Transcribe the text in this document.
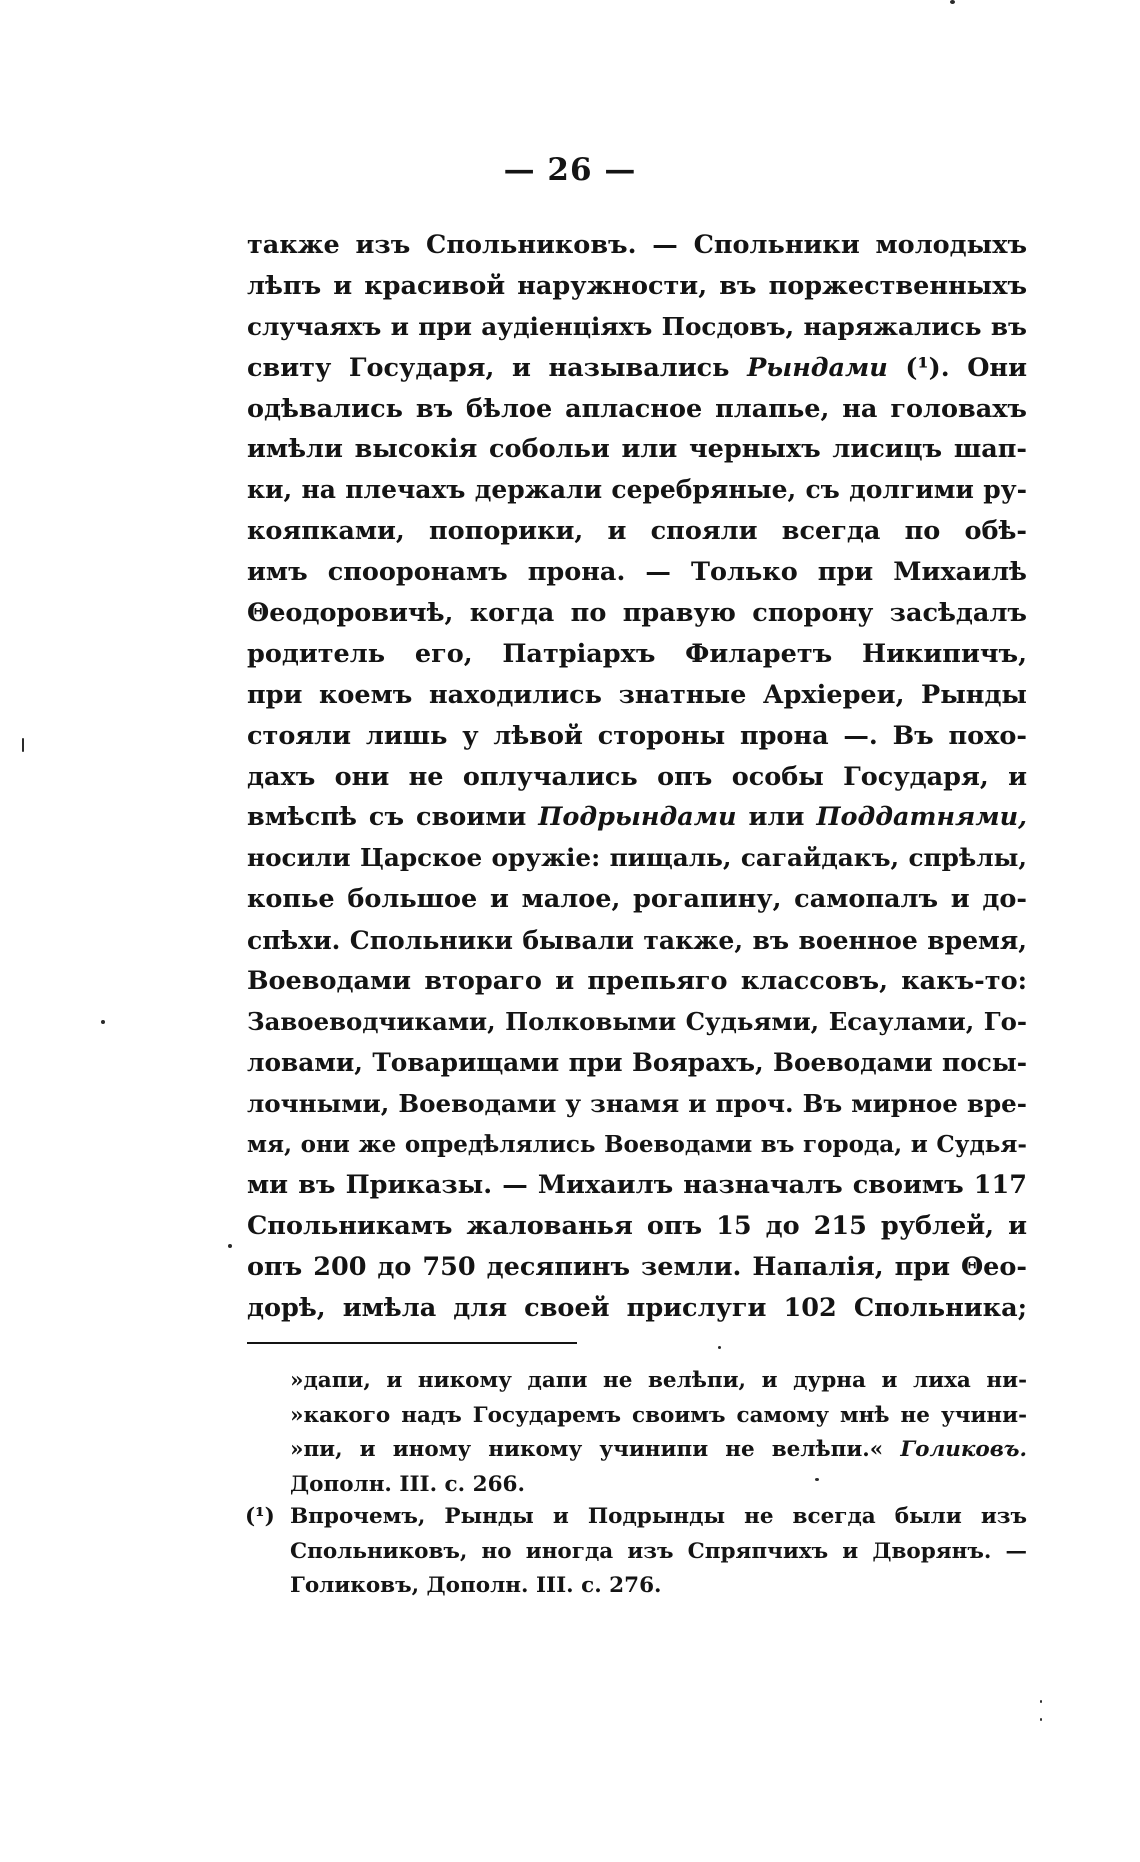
— 26 —
также изъ Спольниковъ. — Спольники молодыхъ
лѣпъ и красивой наружности, въ поржественныхъ
случаяхъ и при аудіенціяхъ Посдовъ, наряжались въ
свиту Государя, и назывались Рындами (¹). Они
одѣвались въ бѣлое апласное плапье, на головахъ
имѣли высокія собольи или черныхъ лисицъ шап-
ки, на плечахъ держали серебряные, съ долгими ру-
кояпками, попорики, и спояли всегда по обѣ-
имъ спооронамъ прона. — Только при Михаилѣ
Θеодоровичѣ, когда по правую спорону засѣдалъ
родитель его, Патріархъ Филаретъ Никипичъ,
при коемъ находились знатные Архіереи, Рынды
стояли лишь у лѣвой стороны прона —. Въ похо-
дахъ они не оплучались опъ особы Государя, и
вмѣспѣ съ своими Подрындами или Поддатнями,
носили Царское оружіе: пищаль, сагайдакъ, спрѣлы,
копье большое и малое, рогапину, самопалъ и до-
спѣхи. Спольники бывали также, въ военное время,
Воеводами вторaго и препьяго классовъ, какъ-то:
Завоеводчиками, Полковыми Судьями, Есаулами, Го-
ловами, Товарищами при Воярахъ, Воеводами посы-
лочными, Воеводами у знамя и проч. Въ мирное вре-
мя, они же опредѣлялись Воеводами въ города, и Судья-
ми въ Приказы. — Михаилъ назначалъ своимъ 117
Спольникамъ жалованья опъ 15 до 215 рублей, и
опъ 200 до 750 десяпинъ земли. Напалія, при Θео-
дорѣ, имѣла для своей прислуги 102 Спольника;
»дапи, и никому дапи не велѣпи, и дурна и лиха ни-
»какого надъ Государемъ своимъ самому мнѣ не учини-
»пи, и иному никому учинипи не велѣпи.« Голиковъ.
Дополн. III. с. 266.
(¹) Впрочемъ, Рынды и Подрынды не всегда были изъ
Спольниковъ, но иногда изъ Спряпчихъ и Дворянъ. —
Голиковъ, Дополн. III. с. 276.
